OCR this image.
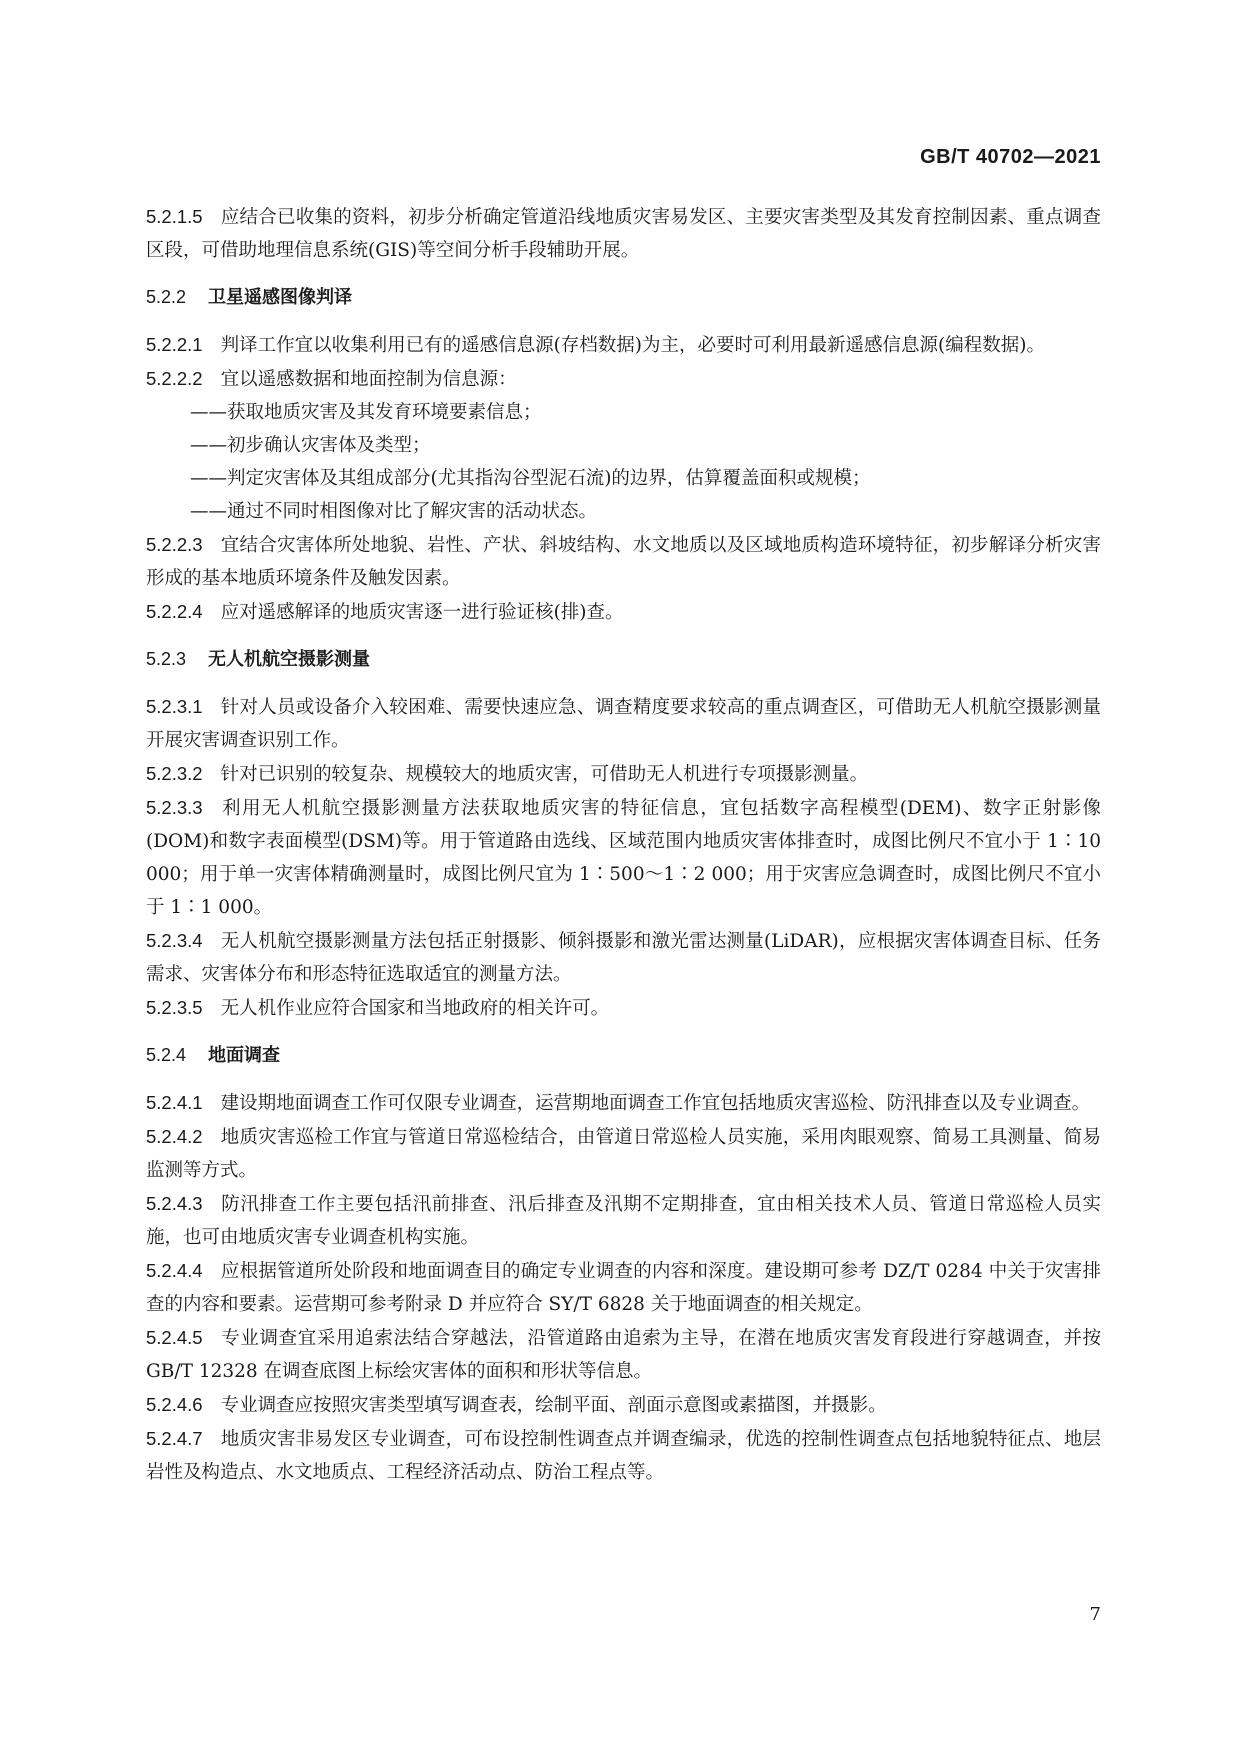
GB/T 40702—2021

5.2.1.5 应结合已收集的资料，初步分析确定管道沿线地质灾害易发区、主要灾害类型及其发育控制因素、重点调查区段，可借助地理信息系统(GIS)等空间分析手段辅助开展。

5.2.2 卫星遥感图像判译

5.2.2.1 判译工作宜以收集利用已有的遥感信息源(存档数据)为主，必要时可利用最新遥感信息源(编程数据)。

5.2.2.2 宜以遥感数据和地面控制为信息源：

——获取地质灾害及其发育环境要素信息；

——初步确认灾害体及类型；

——判定灾害体及其组成部分(尤其指沟谷型泥石流)的边界，估算覆盖面积或规模；

——通过不同时相图像对比了解灾害的活动状态。

5.2.2.3 宜结合灾害体所处地貌、岩性、产状、斜坡结构、水文地质以及区域地质构造环境特征，初步解译分析灾害形成的基本地质环境条件及触发因素。

5.2.2.4 应对遥感解译的地质灾害逐一进行验证核(排)查。

5.2.3 无人机航空摄影测量

5.2.3.1 针对人员或设备介入较困难、需要快速应急、调查精度要求较高的重点调查区，可借助无人机航空摄影测量开展灾害调查识别工作。

5.2.3.2 针对已识别的较复杂、规模较大的地质灾害，可借助无人机进行专项摄影测量。

5.2.3.3 利用无人机航空摄影测量方法获取地质灾害的特征信息，宜包括数字高程模型(DEM)、数字正射影像(DOM)和数字表面模型(DSM)等。用于管道路由选线、区域范围内地质灾害体排查时，成图比例尺不宜小于 1∶10 000；用于单一灾害体精确测量时，成图比例尺宜为 1∶500～1∶2 000；用于灾害应急调查时，成图比例尺不宜小于 1∶1 000。

5.2.3.4 无人机航空摄影测量方法包括正射摄影、倾斜摄影和激光雷达测量(LiDAR)，应根据灾害体调查目标、任务需求、灾害体分布和形态特征选取适宜的测量方法。

5.2.3.5 无人机作业应符合国家和当地政府的相关许可。

5.2.4 地面调查

5.2.4.1 建设期地面调查工作可仅限专业调查，运营期地面调查工作宜包括地质灾害巡检、防汛排查以及专业调查。

5.2.4.2 地质灾害巡检工作宜与管道日常巡检结合，由管道日常巡检人员实施，采用肉眼观察、简易工具测量、简易监测等方式。

5.2.4.3 防汛排查工作主要包括汛前排查、汛后排查及汛期不定期排查，宜由相关技术人员、管道日常巡检人员实施，也可由地质灾害专业调查机构实施。

5.2.4.4 应根据管道所处阶段和地面调查目的确定专业调查的内容和深度。建设期可参考 DZ/T 0284 中关于灾害排查的内容和要素。运营期可参考附录 D 并应符合 SY/T 6828 关于地面调查的相关规定。

5.2.4.5 专业调查宜采用追索法结合穿越法，沿管道路由追索为主导，在潜在地质灾害发育段进行穿越调查，并按 GB/T 12328 在调查底图上标绘灾害体的面积和形状等信息。

5.2.4.6 专业调查应按照灾害类型填写调查表，绘制平面、剖面示意图或素描图，并摄影。

5.2.4.7 地质灾害非易发区专业调查，可布设控制性调查点并调查编录，优选的控制性调查点包括地貌特征点、地层岩性及构造点、水文地质点、工程经济活动点、防治工程点等。

7
